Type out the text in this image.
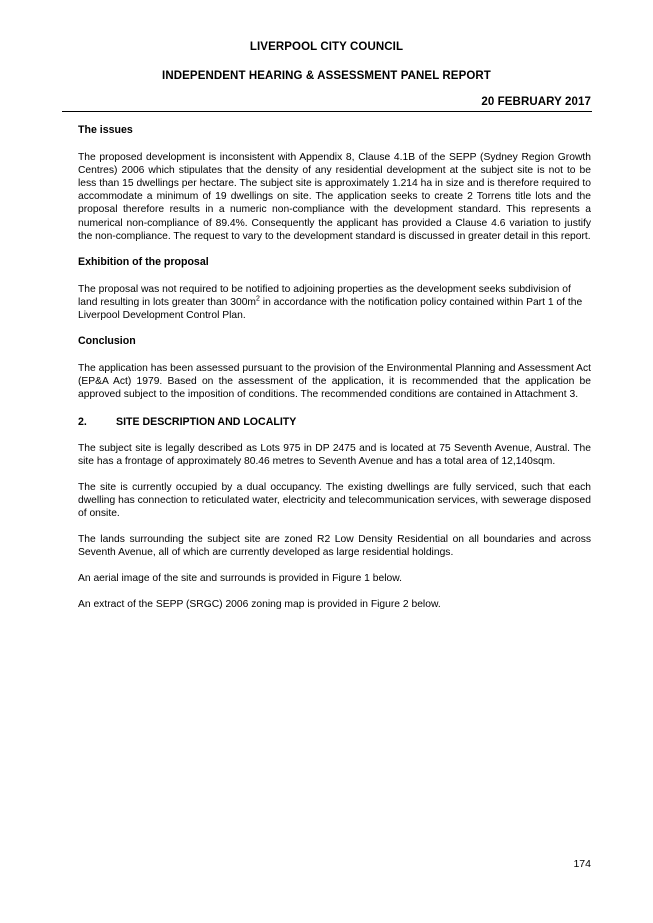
LIVERPOOL CITY COUNCIL
INDEPENDENT HEARING & ASSESSMENT PANEL REPORT
20 FEBRUARY 2017

The issues

The proposed development is inconsistent with Appendix 8, Clause 4.1B of the SEPP (Sydney Region Growth Centres) 2006 which stipulates that the density of any residential development at the subject site is not to be less than 15 dwellings per hectare. The subject site is approximately 1.214 ha in size and is therefore required to accommodate a minimum of 19 dwellings on site. The application seeks to create 2 Torrens title lots and the proposal therefore results in a numeric non-compliance with the development standard. This represents a numerical non-compliance of 89.4%. Consequently the applicant has provided a Clause 4.6 variation to justify the non-compliance. The request to vary to the development standard is discussed in greater detail in this report.

Exhibition of the proposal

The proposal was not required to be notified to adjoining properties as the development seeks subdivision of land resulting in lots greater than $300m^2$ in accordance with the notification policy contained within Part 1 of the Liverpool Development Control Plan.

Conclusion

The application has been assessed pursuant to the provision of the Environmental Planning and Assessment Act (EP&A Act) 1979. Based on the assessment of the application, it is recommended that the application be approved subject to the imposition of conditions. The recommended conditions are contained in Attachment 3.

2.	SITE DESCRIPTION AND LOCALITY

The subject site is legally described as Lots 975 in DP 2475 and is located at 75 Seventh Avenue, Austral. The site has a frontage of approximately 80.46 metres to Seventh Avenue and has a total area of 12,140sqm.

The site is currently occupied by a dual occupancy. The existing dwellings are fully serviced, such that each dwelling has connection to reticulated water, electricity and telecommunication services, with sewerage disposed of onsite.

The lands surrounding the subject site are zoned R2 Low Density Residential on all boundaries and across Seventh Avenue, all of which are currently developed as large residential holdings.

An aerial image of the site and surrounds is provided in Figure 1 below.

An extract of the SEPP (SRGC) 2006 zoning map is provided in Figure 2 below.

174
